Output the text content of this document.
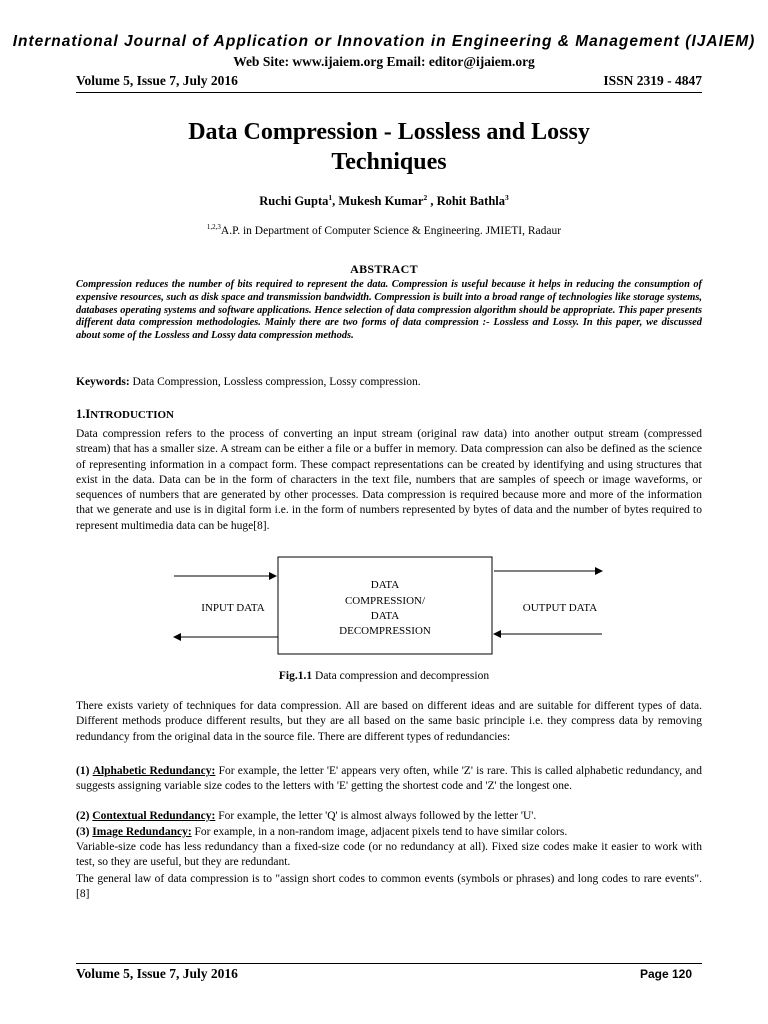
International Journal of Application or Innovation in Engineering & Management (IJAIEM)
Web Site: www.ijaiem.org Email: editor@ijaiem.org
Volume 5, Issue 7, July 2016	ISSN 2319 - 4847
Data Compression - Lossless and Lossy
Techniques
Ruchi Gupta$^1$, Mukesh Kumar$^2$ , Rohit Bathla$^3$
$^{1,2,3}$A.P. in Department of Computer Science & Engineering. JMIETI, Radaur
ABSTRACT
Compression reduces the number of bits required to represent the data. Compression is useful because it helps in reducing the consumption of expensive resources, such as disk space and transmission bandwidth. Compression is built into a broad range of technologies like storage systems, databases operating systems and software applications. Hence selection of data compression algorithm should be appropriate. This paper presents different data compression methodologies. Mainly there are two forms of data compression :- Lossless and Lossy. In this paper, we discussed about some of the Lossless and Lossy data compression methods.
Keywords: Data Compression, Lossless compression, Lossy compression.
1.INTRODUCTION
Data compression refers to the process of converting an input stream (original raw data) into another output stream (compressed stream) that has a smaller size. A stream can be either a file or a buffer in memory. Data compression can also be defined as the science of representing information in a compact form. These compact representations can be created by identifying and using structures that exist in the data. Data can be in the form of characters in the text file, numbers that are samples of speech or image waveforms, or sequences of numbers that are generated by other processes. Data compression is required because more and more of the information that we generate and use is in digital form i.e. in the form of numbers represented by bytes of data and the number of bytes required to represent multimedia data can be huge[8].
INPUT DATA	OUTPUT DATA
DATA
COMPRESSION/
DATA
DECOMPRESSION
Fig.1.1 Data compression and decompression
There exists variety of techniques for data compression. All are based on different ideas and are suitable for different types of data. Different methods produce different results, but they are all based on the same basic principle i.e. they compress data by removing redundancy from the original data in the source file. There are different types of redundancies:
(1) Alphabetic Redundancy: For example, the letter 'E' appears very often, while 'Z' is rare. This is called alphabetic redundancy, and suggests assigning variable size codes to the letters with 'E' getting the shortest code and 'Z' the longest one.
(2) Contextual Redundancy: For example, the letter 'Q' is almost always followed by the letter 'U'.
(3) Image Redundancy: For example, in a non-random image, adjacent pixels tend to have similar colors.
Variable-size code has less redundancy than a fixed-size code (or no redundancy at all). Fixed size codes make it easier to work with test, so they are useful, but they are redundant.
The general law of data compression is to "assign short codes to common events (symbols or phrases) and long codes to rare events".[8]
Volume 5, Issue 7, July 2016	Page 120
